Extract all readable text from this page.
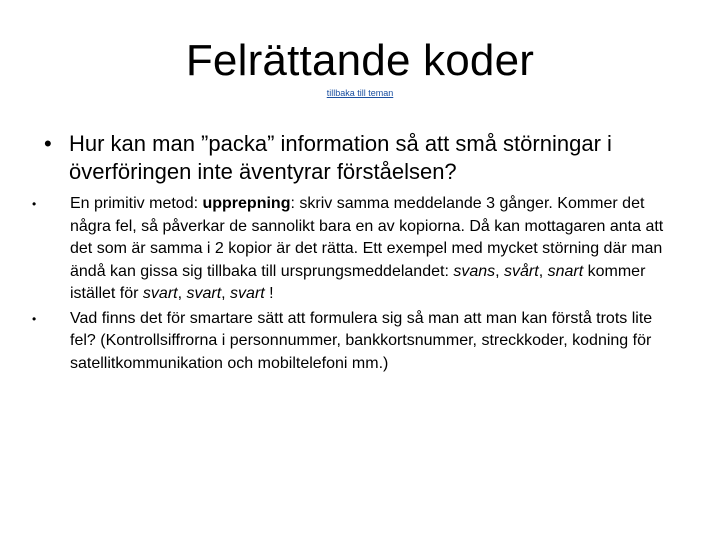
Felrättande koder
tillbaka till teman
• Hur kan man ”packa” information så att små störningar i överföringen inte äventyrar förståelsen?
• En primitiv metod: upprepning: skriv samma meddelande 3 gånger. Kommer det några fel, så påverkar de sannolikt bara en av kopiorna. Då kan mottagaren anta att det som är samma i 2 kopior är det rätta. Ett exempel med mycket störning där man ändå kan gissa sig tillbaka till ursprungsmeddelandet: svans, svårt, snart kommer istället för svart, svart, svart !
• Vad finns det för smartare sätt att formulera sig så man att man kan förstå trots lite fel? (Kontrollsiffrorna i personnummer, bankkortsnummer, streckkoder, kodning för satellitkommunikation och mobiltelefoni mm.)
